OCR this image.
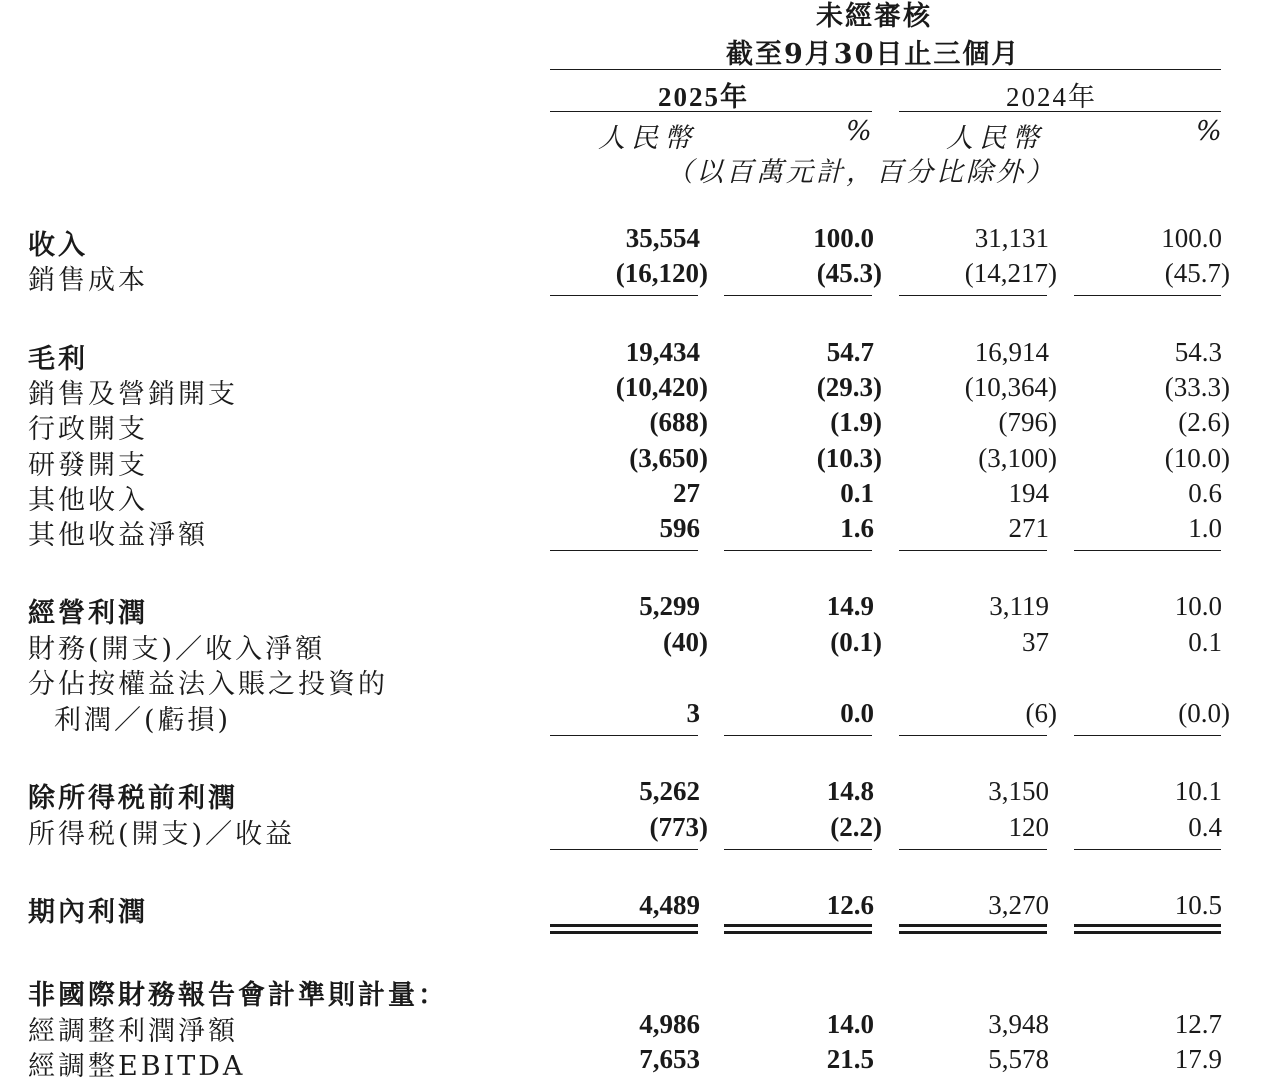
未經審核
截至9月30日止三個月
2025年	2024年
人民幣	%	人民幣	%
（以百萬元計，百分比除外）
收入	35,554	100.0	31,131	100.0
銷售成本	(16,120)	(45.3)	(14,217)	(45.7)
毛利	19,434	54.7	16,914	54.3
銷售及營銷開支	(10,420)	(29.3)	(10,364)	(33.3)
行政開支	(688)	(1.9)	(796)	(2.6)
研發開支	(3,650)	(10.3)	(3,100)	(10.0)
其他收入	27	0.1	194	0.6
其他收益淨額	596	1.6	271	1.0
經營利潤	5,299	14.9	3,119	10.0
財務(開支)／收入淨額	(40)	(0.1)	37	0.1
分佔按權益法入賬之投資的
利潤／(虧損)	3	0.0	(6)	(0.0)
除所得税前利潤	5,262	14.8	3,150	10.1
所得税(開支)／收益	(773)	(2.2)	120	0.4
期內利潤	4,489	12.6	3,270	10.5
非國際財務報告會計準則計量：
經調整利潤淨額	4,986	14.0	3,948	12.7
經調整EBITDA	7,653	21.5	5,578	17.9
